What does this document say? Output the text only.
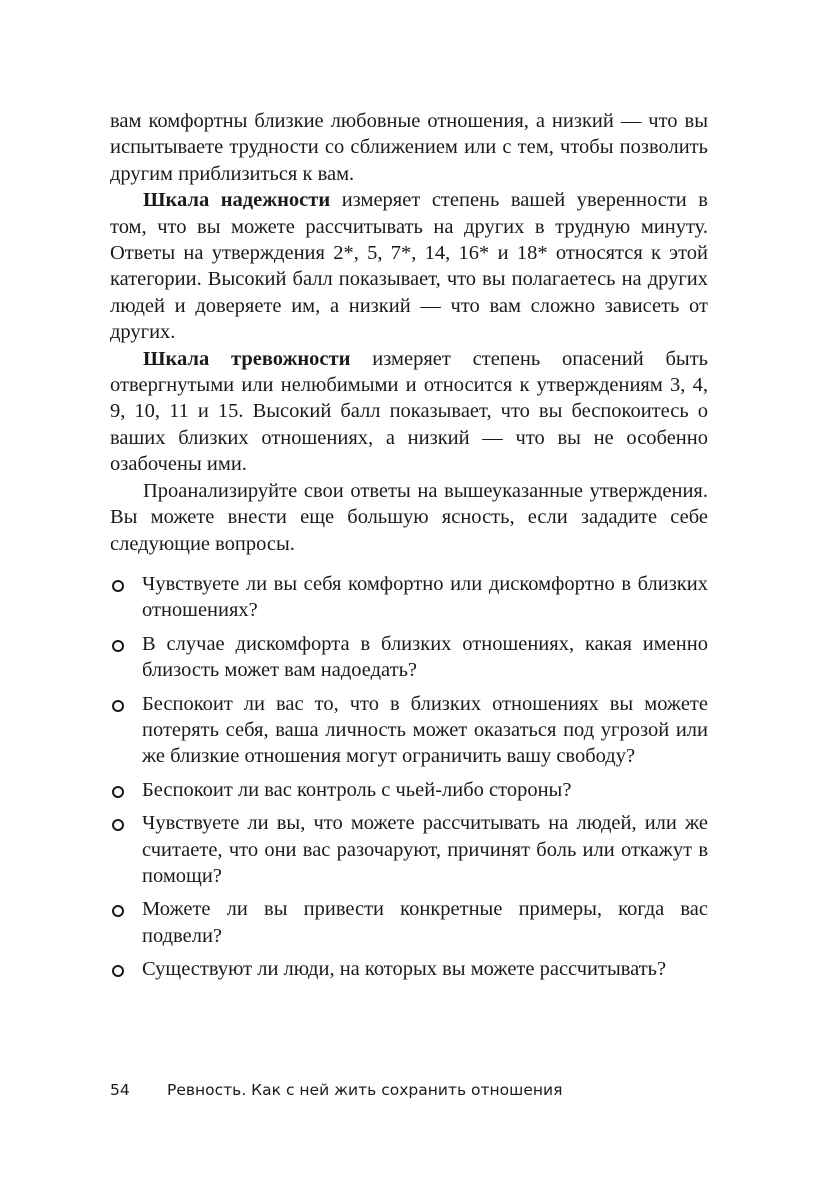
вам комфортны близкие любовные отношения, а низкий — что вы испытываете трудности со сближением или с тем, чтобы позволить другим приблизиться к вам.

Шкала надежности измеряет степень вашей уверенности в том, что вы можете рассчитывать на других в трудную минуту. Ответы на утверждения 2*, 5, 7*, 14, 16* и 18* относятся к этой категории. Высокий балл показывает, что вы полагаетесь на других людей и доверяете им, а низкий — что вам сложно зависеть от других.

Шкала тревожности измеряет степень опасений быть отвергнутыми или нелюбимыми и относится к утверждениям 3, 4, 9, 10, 11 и 15. Высокий балл показывает, что вы беспокоитесь о ваших близких отношениях, а низкий — что вы не особенно озабочены ими.

Проанализируйте свои ответы на вышеуказанные утверждения. Вы можете внести еще большую ясность, если зададите себе следующие вопросы.

Чувствуете ли вы себя комфортно или дискомфортно в близких отношениях?
В случае дискомфорта в близких отношениях, какая именно близость может вам надоедать?
Беспокоит ли вас то, что в близких отношениях вы можете потерять себя, ваша личность может оказаться под угрозой или же близкие отношения могут ограничить вашу свободу?
Беспокоит ли вас контроль с чьей-либо стороны?
Чувствуете ли вы, что можете рассчитывать на людей, или же считаете, что они вас разочаруют, причинят боль или откажут в помощи?
Можете ли вы привести конкретные примеры, когда вас подвели?
Существуют ли люди, на которых вы можете рассчитывать?
54 Ревность. Как с ней жить сохранить отношения
